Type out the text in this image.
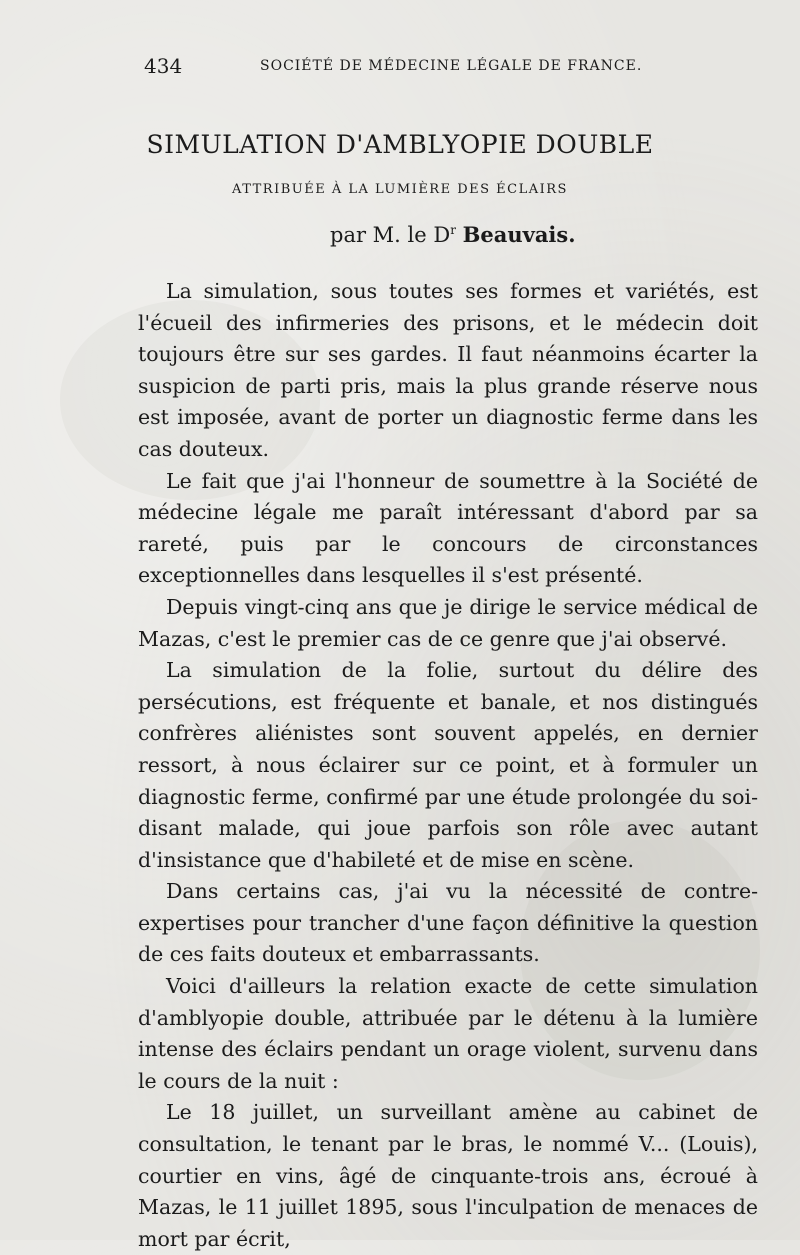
434	SOCIÉTÉ DE MÉDECINE LÉGALE DE FRANCE.
SIMULATION D'AMBLYOPIE DOUBLE
ATTRIBUÉE À LA LUMIÈRE DES ÉCLAIRS
par M. le $D^r$ Beauvais.

La simulation, sous toutes ses formes et variétés, est l'écueil des infirmeries des prisons, et le médecin doit toujours être sur ses gardes. Il faut néanmoins écarter la suspicion de parti pris, mais la plus grande réserve nous est imposée, avant de porter un diagnostic ferme dans les cas douteux.

Le fait que j'ai l'honneur de soumettre à la Société de médecine légale me paraît intéressant d'abord par sa rareté, puis par le concours de circonstances exceptionnelles dans lesquelles il s'est présenté.

Depuis vingt-cinq ans que je dirige le service médical de Mazas, c'est le premier cas de ce genre que j'ai observé.

La simulation de la folie, surtout du délire des persécutions, est fréquente et banale, et nos distingués confrères aliénistes sont souvent appelés, en dernier ressort, à nous éclairer sur ce point, et à formuler un diagnostic ferme, confirmé par une étude prolongée du soi-disant malade, qui joue parfois son rôle avec autant d'insistance que d'habileté et de mise en scène.

Dans certains cas, j'ai vu la nécessité de contre-expertises pour trancher d'une façon définitive la question de ces faits douteux et embarrassants.

Voici d'ailleurs la relation exacte de cette simulation d'amblyopie double, attribuée par le détenu à la lumière intense des éclairs pendant un orage violent, survenu dans le cours de la nuit :

Le 18 juillet, un surveillant amène au cabinet de consultation, le tenant par le bras, le nommé V... (Louis), courtier en vins, âgé de cinquante-trois ans, écroué à Mazas, le 11 juillet 1895, sous l'inculpation de menaces de mort par écrit,
